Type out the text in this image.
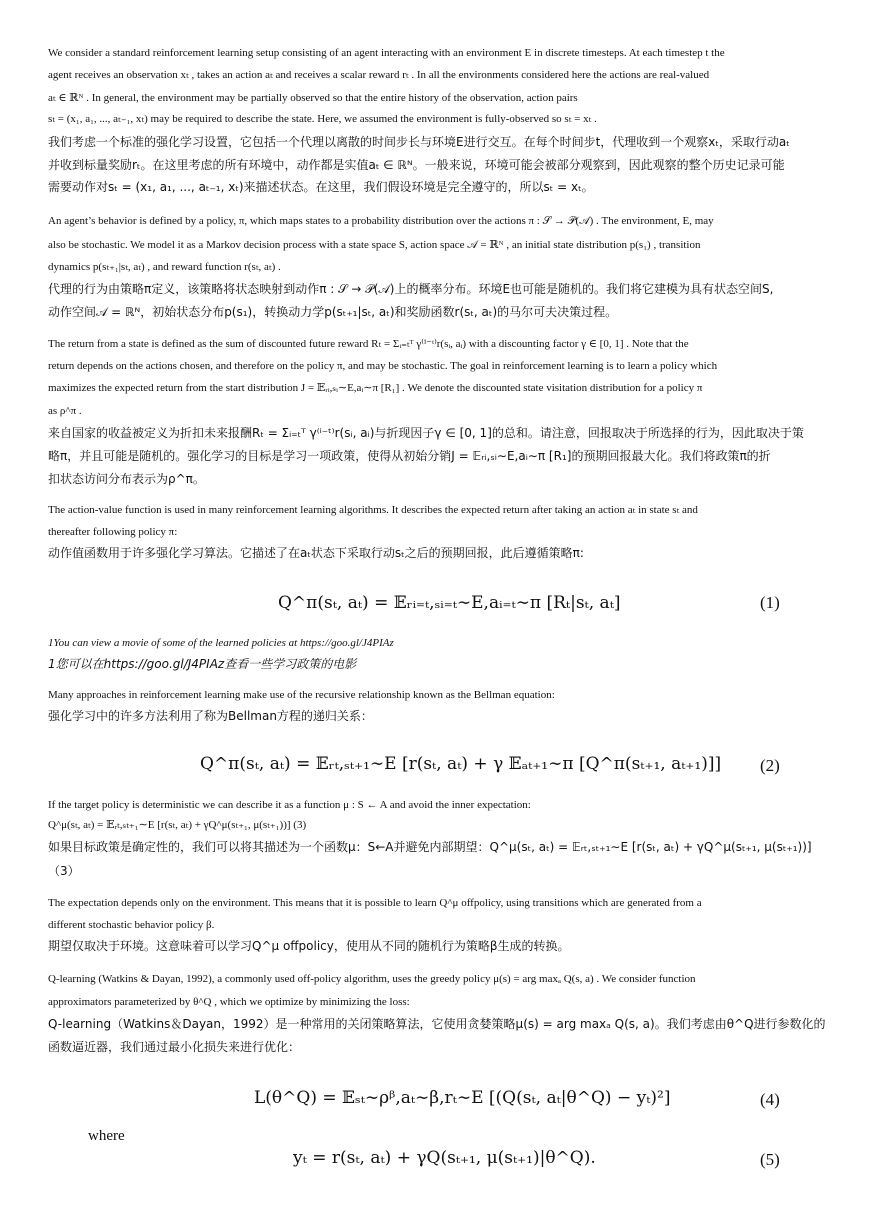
We consider a standard reinforcement learning setup consisting of an agent interacting with an environment E in discrete timesteps. At each timestep t the
agent receives an observation xₜ , takes an action aₜ and receives a scalar reward rₜ . In all the environments considered here the actions are real-valued
aₜ ∈ ℝᴺ . In general, the environment may be partially observed so that the entire history of the observation, action pairs
sₜ = (x₁, a₁, ..., aₜ₋₁, xₜ) may be required to describe the state. Here, we assumed the environment is fully-observed so sₜ = xₜ .
我们考虑一个标准的强化学习设置，它包括一个代理以离散的时间步长与环境E进行交互。在每个时间步t，代理收到一个观察xₜ，采取行动aₜ
并收到标量奖励rₜ。在这里考虑的所有环境中，动作都是实值aₜ ∈ ℝᴺ。一般来说，环境可能会被部分观察到，因此观察的整个历史记录可能
需要动作对sₜ = (x₁, a₁, ..., aₜ₋₁, xₜ)来描述状态。在这里，我们假设环境是完全遵守的，所以sₜ = xₜ。
An agent’s behavior is defined by a policy, π, which maps states to a probability distribution over the actions π : 𝒮 → 𝒫(𝒜) . The environment, E, may
also be stochastic. We model it as a Markov decision process with a state space S, action space 𝒜 = ℝᴺ , an initial state distribution p(s₁) , transition
dynamics p(sₜ₊₁|sₜ, aₜ) , and reward function r(sₜ, aₜ) .
代理的行为由策略π定义，该策略将状态映射到动作π : 𝒮 → 𝒫(𝒜)上的概率分布。环境E也可能是随机的。我们将它建模为具有状态空间S,
动作空间𝒜 = ℝᴺ，初始状态分布p(s₁)，转换动力学p(sₜ₊₁|sₜ, aₜ)和奖励函数r(sₜ, aₜ)的马尔可夫决策过程。
The return from a state is defined as the sum of discounted future reward Rₜ = Σᵢ₌ₜᵀ γ⁽ⁱ⁻ᵗ⁾r(sᵢ, aᵢ) with a discounting factor γ ∈ [0, 1] . Note that the
return depends on the actions chosen, and therefore on the policy π, and may be stochastic. The goal in reinforcement learning is to learn a policy which
maximizes the expected return from the start distribution J = 𝔼ᵣᵢ,ₛᵢ∼E,aᵢ∼π [R₁] . We denote the discounted state visitation distribution for a policy π
as ρ^π .
来自国家的收益被定义为折扣未来报酬Rₜ = Σᵢ₌ₜᵀ γ⁽ⁱ⁻ᵗ⁾r(sᵢ, aᵢ)与折现因子γ ∈ [0, 1]的总和。请注意，回报取决于所选择的行为，因此取决于策
略π，并且可能是随机的。强化学习的目标是学习一项政策，使得从初始分销J = 𝔼ᵣᵢ,ₛᵢ∼E,aᵢ∼π [R₁]的预期回报最大化。我们将政策π的折
扣状态访问分布表示为ρ^π。
The action-value function is used in many reinforcement learning algorithms. It describes the expected return after taking an action aₜ in state sₜ and
thereafter following policy π:
动作值函数用于许多强化学习算法。它描述了在aₜ状态下采取行动sₜ之后的预期回报，此后遵循策略π:
Q^π(sₜ, aₜ) = 𝔼ᵣᵢ₌ₜ,ₛᵢ₌ₜ∼E,aᵢ₌ₜ∼π [Rₜ|sₜ, aₜ]	(1)
1You can view a movie of some of the learned policies at https://goo.gl/J4PIAz
1您可以在https://goo.gl/J4PIAz查看一些学习政策的电影
Many approaches in reinforcement learning make use of the recursive relationship known as the Bellman equation:
强化学习中的许多方法利用了称为Bellman方程的递归关系：
Q^π(sₜ, aₜ) = 𝔼ᵣₜ,ₛₜ₊₁∼E [r(sₜ, aₜ) + γ 𝔼ₐₜ₊₁∼π [Q^π(sₜ₊₁, aₜ₊₁)]] (2)
If the target policy is deterministic we can describe it as a function μ : S ← A and avoid the inner expectation:
Q^μ(sₜ, aₜ) = 𝔼ᵣₜ,ₛₜ₊₁∼E [r(sₜ, aₜ) + γQ^μ(sₜ₊₁, μ(sₜ₊₁))] (3)
如果目标政策是确定性的，我们可以将其描述为一个函数μ：S←A并避免内部期望：Q^μ(sₜ, aₜ) = 𝔼ᵣₜ,ₛₜ₊₁∼E [r(sₜ, aₜ) + γQ^μ(sₜ₊₁, μ(sₜ₊₁))]
（3）
The expectation depends only on the environment. This means that it is possible to learn Q^μ offpolicy, using transitions which are generated from a
different stochastic behavior policy β.
期望仅取决于环境。这意味着可以学习Q^μ offpolicy，使用从不同的随机行为策略β生成的转换。
Q-learning (Watkins & Dayan, 1992), a commonly used off-policy algorithm, uses the greedy policy μ(s) = arg maxₐ Q(s, a) . We consider function
approximators parameterized by θ^Q , which we optimize by minimizing the loss:
Q-learning（Watkins＆Dayan，1992）是一种常用的关闭策略算法，它使用贪婪策略μ(s) = arg maxₐ Q(s, a)。我们考虑由θ^Q进行参数化的
函数逼近器，我们通过最小化损失来进行优化：
L(θ^Q) = 𝔼ₛₜ∼ρᵝ,aₜ∼β,rₜ∼E [(Q(sₜ, aₜ|θ^Q) − yₜ)²]	(4)
where
yₜ = r(sₜ, aₜ) + γQ(sₜ₊₁, μ(sₜ₊₁)|θ^Q).	(5)
